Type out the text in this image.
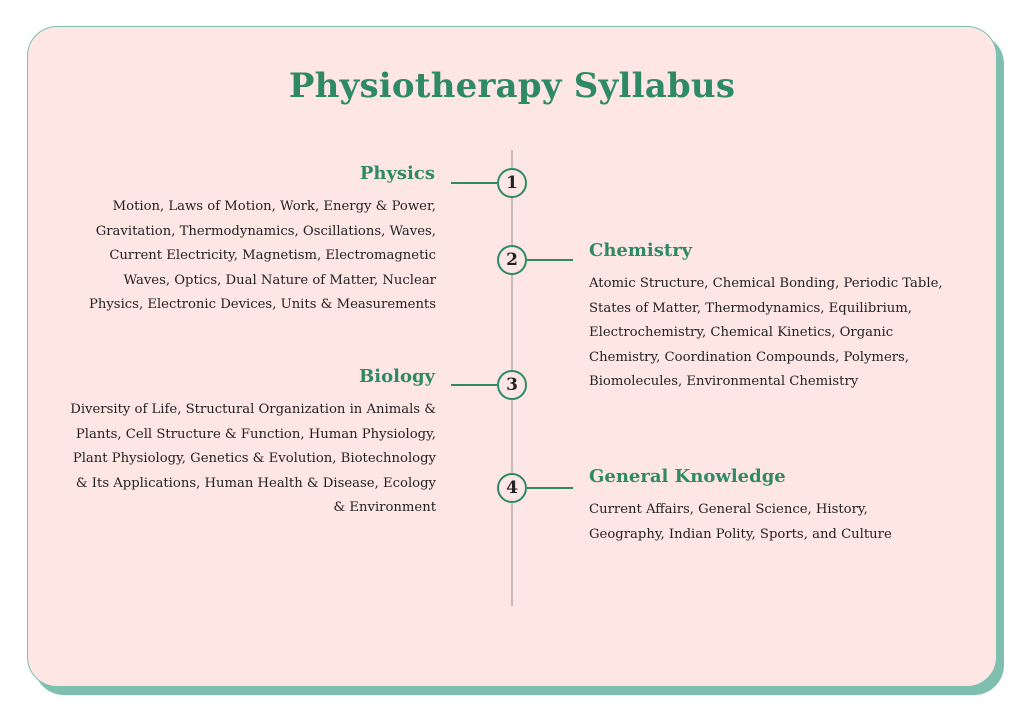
Physiotherapy Syllabus
1
Physics
Motion, Laws of Motion, Work, Energy & Power, Gravitation, Thermodynamics, Oscillations, Waves, Current Electricity, Magnetism, Electromagnetic Waves, Optics, Dual Nature of Matter, Nuclear Physics, Electronic Devices, Units & Measurements
2	Chemistry
Atomic Structure, Chemical Bonding, Periodic Table, States of Matter, Thermodynamics, Equilibrium, Electrochemistry, Chemical Kinetics, Organic Chemistry, Coordination Compounds, Polymers, Biomolecules, Environmental Chemistry
3
Biology
Diversity of Life, Structural Organization in Animals & Plants, Cell Structure & Function, Human Physiology, Plant Physiology, Genetics & Evolution, Biotechnology & Its Applications, Human Health & Disease, Ecology & Environment
4
General Knowledge
Current Affairs, General Science, History, Geography, Indian Polity, Sports, and Culture
